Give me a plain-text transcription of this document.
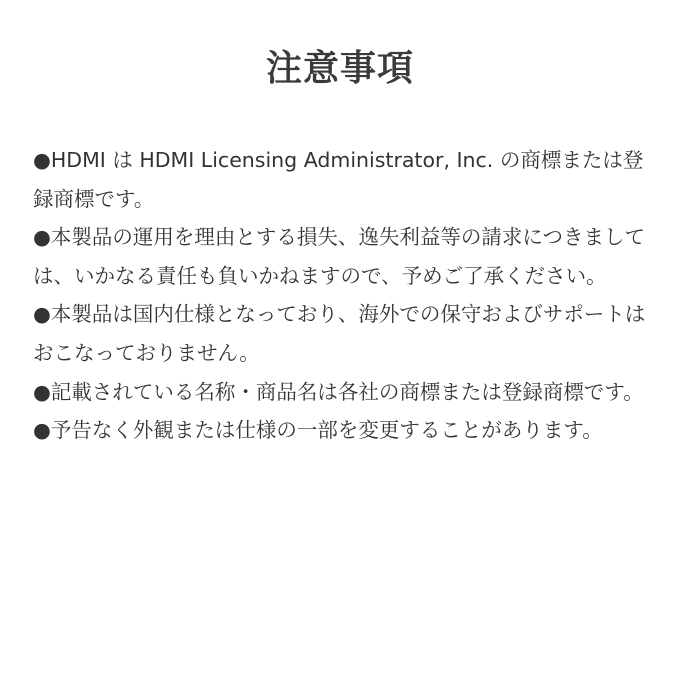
注意事項
●HDMI は HDMI Licensing Administrator, Inc. の商標または登録商標です。
●本製品の運用を理由とする損失、逸失利益等の請求につきましては、いかなる責任も負いかねますので、予めご了承ください。
●本製品は国内仕様となっており、海外での保守およびサポートはおこなっておりません。
●記載されている名称・商品名は各社の商標または登録商標です。
●予告なく外観または仕様の一部を変更することがあります。
